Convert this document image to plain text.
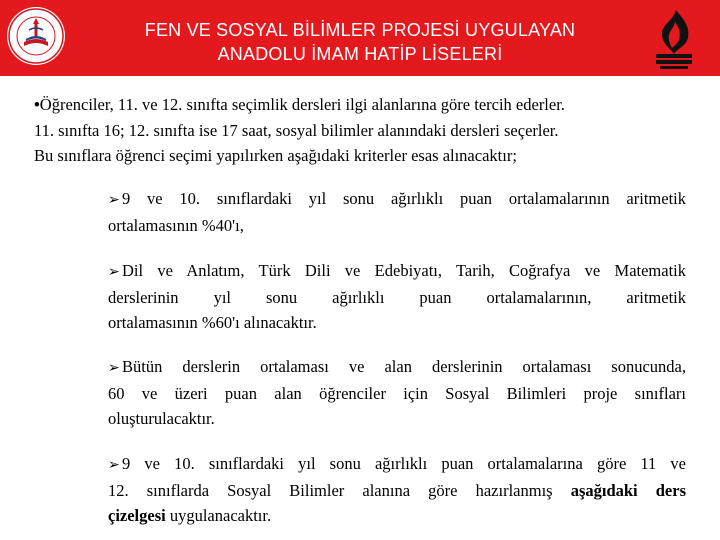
FEN VE SOSYAL BİLİMLER PROJESİ UYGULAYAN
ANADOLU İMAM HATİP LİSELERİ
•Öğrenciler, 11. ve 12. sınıfta seçimlik dersleri ilgi alanlarına göre tercih ederler.
11. sınıfta 16; 12. sınıfta ise 17 saat, sosyal bilimler alanındaki dersleri seçerler.
Bu sınıflara öğrenci seçimi yapılırken aşağıdaki kriterler esas alınacaktır;
➢ 9 ve 10. sınıflardaki yıl sonu ağırlıklı puan ortalamalarının aritmetik
ortalamasının %40'ı,
➢ Dil ve Anlatım, Türk Dili ve Edebiyatı, Tarih, Coğrafya ve Matematik
derslerinin yıl sonu ağırlıklı puan ortalamalarının, aritmetik
ortalamasının %60'ı alınacaktır.
➢ Bütün derslerin ortalaması ve alan derslerinin ortalaması sonucunda,
60 ve üzeri puan alan öğrenciler için Sosyal Bilimleri proje sınıfları
oluşturulacaktır.
➢ 9 ve 10. sınıflardaki yıl sonu ağırlıklı puan ortalamalarına göre 11 ve
12. sınıflarda Sosyal Bilimler alanına göre hazırlanmış aşağıdaki ders
çizelgesi uygulanacaktır.
